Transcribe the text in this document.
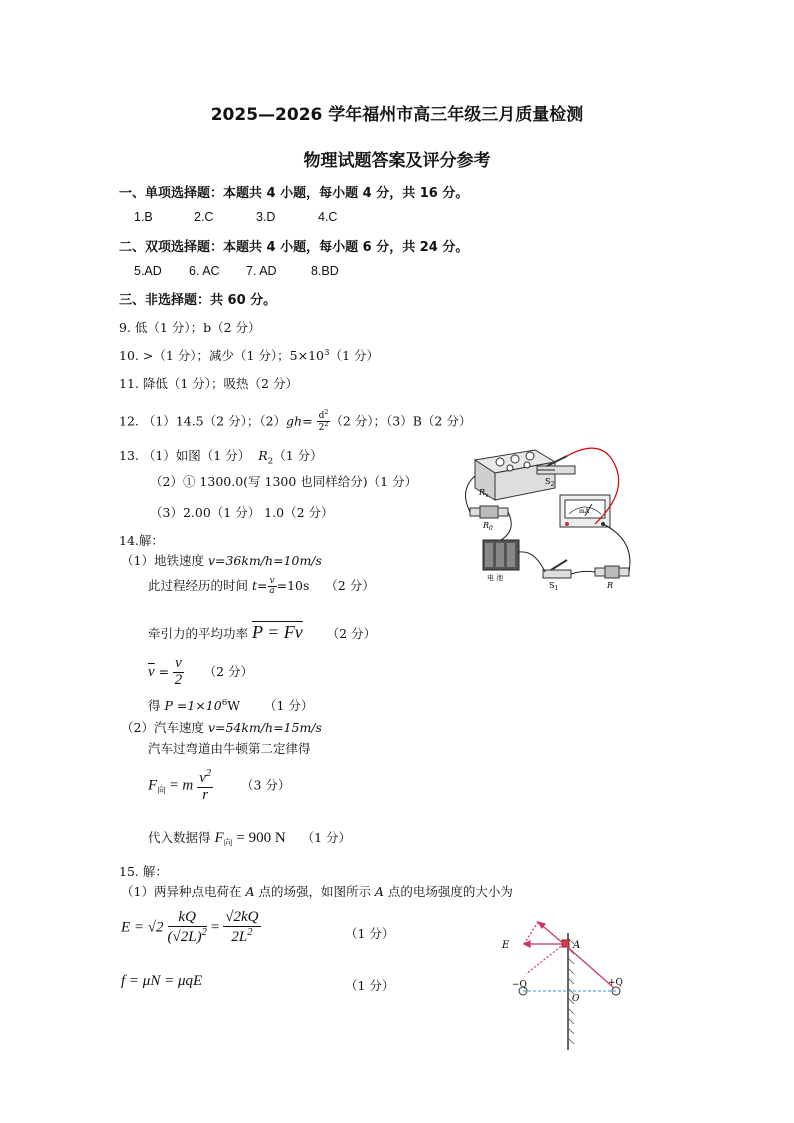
2025—2026 学年福州市高三年级三月质量检测
物理试题答案及评分参考
一、单项选择题：本题共 4 小题，每小题 4 分，共 16 分。
1.B	2.C	3.D	4.C
二、双项选择题：本题共 4 小题，每小题 6 分，共 24 分。
5.AD 6. AC 7. AD	8.BD
三、非选择题：共 60 分。
9. 低（1 分）；b（2 分）
10. >（1 分）；减少（1 分）；$5\times 10^3(1$ 分）
11. 降低（1 分）；吸热（2 分）
12. （1）14.5（2 分）；$(2)gh= \frac{d^2}{2^2} (2$ 分）；（3）B（2 分）
13. （1）如图（1 分） $R_2(1$ 分）
（2）① 1300.0(写 1300 也同样给分)（1 分）
（3）2.00（1 分） 1.0（2 分）
$R_x$
$S_2$
mA
$R_0$
电 池
$S_1$	R
14.解：
（1）地铁速度 v=36km/h=10m/s
此过程经历的时间 $t= \frac{v}{a} =10s$ （2 分）
牵引力的平均功率 P = Fv （2 分）
$\overline{v} = \frac{v}{2} (2$ 分）
得 $P =1\times 10^6W$ （1 分）
（2）汽车速度 v=54km/h=15m/s
汽车过弯道由牛顿第二定律得
$F_向 = m \frac{v^2}{r} (3$ 分）
代入数据得 $F_向 = 900$ N （1 分）
15. 解：
（1）两异种点电荷在 A 点的场强，如图所示 A 点的电场强度的大小为
$E = √2 \frac{kQ}{(√2L)^2} = \frac{√2kQ}{2L^2}$	（1 分）
f = μN = μqE	（1 分）
E	A
−Q	+Q
O
